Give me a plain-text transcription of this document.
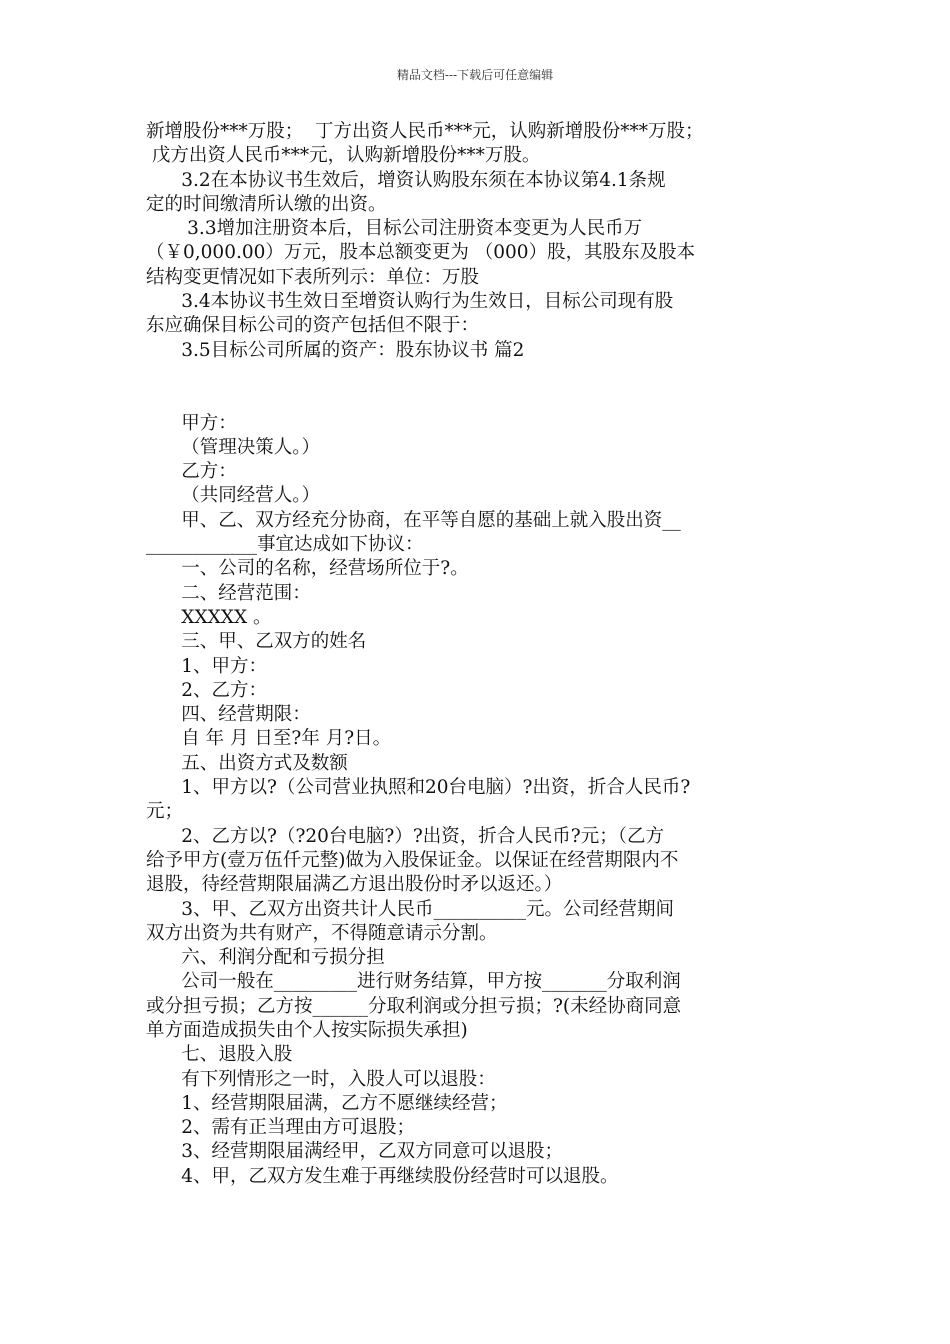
精品文档---下载后可任意编辑
新增股份***万股；  丁方出资人民币***元，认购新增股份***万股；
戊方出资人民币***元，认购新增股份***万股。
3.2在本协议书生效后，增资认购股东须在本协议第4.1条规
定的时间缴清所认缴的出资。
3.3增加注册资本后，目标公司注册资本变更为人民币万
（￥0,000.00）万元，股本总额变更为 （000）股，其股东及股本
结构变更情况如下表所列示：单位：万股
3.4本协议书生效日至增资认购行为生效日，目标公司现有股
东应确保目标公司的资产包括但不限于：
3.5目标公司所属的资产：股东协议书 篇2
甲方：
（管理决策人。）
乙方：
（共同经营人。）
甲、乙、双方经充分协商，在平等自愿的基础上就入股出资__
____________事宜达成如下协议：
一、公司的名称，经营场所位于?。
二、经营范围：
XXXXX 。
三、甲、乙双方的姓名
1、甲方：
2、乙方：
四、经营期限：
自 年 月 日至?年 月?日。
五、出资方式及数额
1、甲方以?（公司营业执照和20台电脑）?出资，折合人民币?
元；
2、乙方以?（?20台电脑?）?出资，折合人民币?元；（乙方
给予甲方(壹万伍仟元整)做为入股保证金。以保证在经营期限内不
退股，待经营期限届满乙方退出股份时矛以返还。）
3、甲、乙双方出资共计人民币__________元。公司经营期间
双方出资为共有财产，不得随意请示分割。
六、利润分配和亏损分担
公司一般在_________进行财务结算，甲方按_______分取利润
或分担亏损；乙方按______分取利润或分担亏损；?(未经协商同意
单方面造成损失由个人按实际损失承担)
七、退股入股
有下列情形之一时，入股人可以退股：
1、经营期限届满，乙方不愿继续经营；
2、需有正当理由方可退股；
3、经营期限届满经甲，乙双方同意可以退股；
4、甲，乙双方发生难于再继续股份经营时可以退股。
